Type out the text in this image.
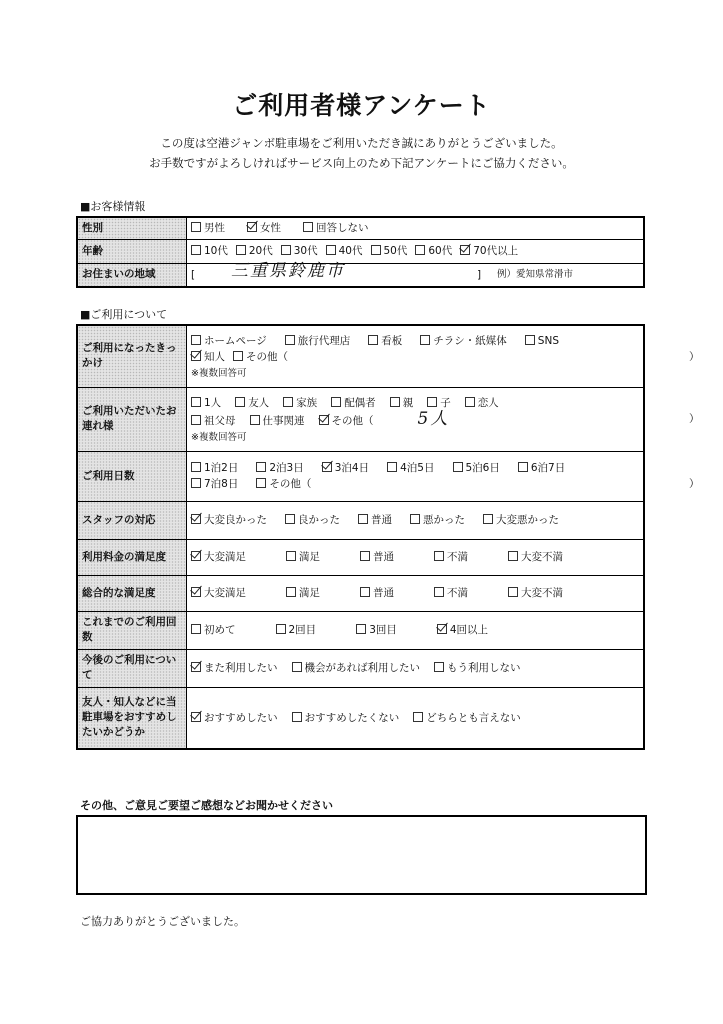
ご利用者様アンケート
この度は空港ジャンボ駐車場をご利用いただき誠にありがとうございました。
お手数ですがよろしければサービス向上のため下記アンケートにご協力ください。
■お客様情報
性別	男性 女性 回答しない

年齢	10代 20代 30代 40代 50代 60代 70代以上

お住まいの地域	[ 三重県鈴鹿市 ] 例）愛知県常滑市
■ご利用について
ご利用になったきっかけ	ホームページ 旅行代理店 看板 チラシ・紙媒体 SNS
知人 その他（ ）
※複数回答可

ご利用いただいたお連れ様	1人 友人 家族 配偶者 親 子 恋人
祖父母 仕事関連 その他（ 5人 ）
※複数回答可

ご利用日数	1泊2日 2泊3日 3泊4日 4泊5日 5泊6日 6泊7日
7泊8日 その他（ ）

スタッフの対応	大変良かった 良かった 普通 悪かった 大変悪かった

利用料金の満足度	大変満足 満足 普通 不満 大変不満

総合的な満足度	大変満足 満足 普通 不満 大変不満

これまでのご利用回数	初めて 2回目 3回目 4回以上

今後のご利用について	また利用したい 機会があれば利用したい もう利用しない

友人・知人などに当駐車場をおすすめしたいかどうか	おすすめしたい おすすめしたくない どちらとも言えない
その他、ご意見ご要望ご感想などお聞かせください
ご協力ありがとうございました。
